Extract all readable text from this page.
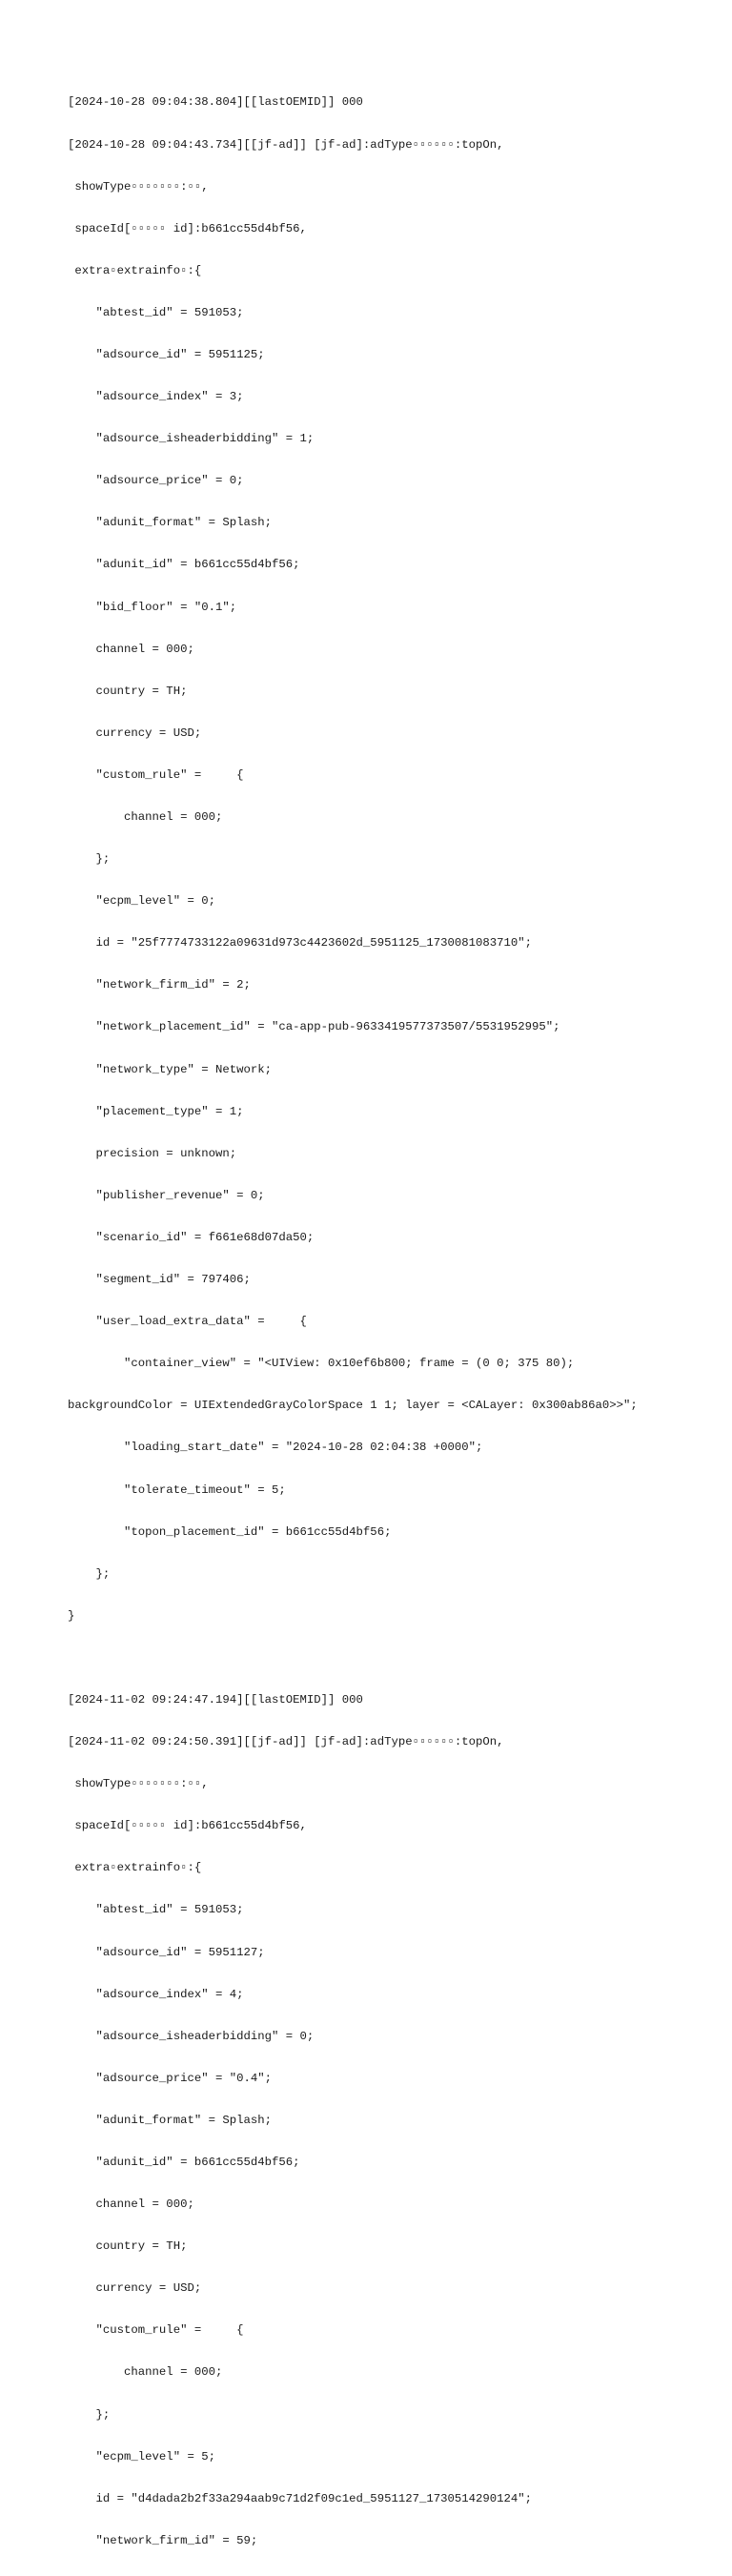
[2024-10-28 09:04:38.804][[lastOEMID]] 000

[2024-10-28 09:04:43.734][[jf-ad]] [jf-ad]:adType▫▫▫▫▫▫:topOn,

showType▫▫▫▫▫▫▫:▫▫,

spaceId[▫▫▫▫▫ id]:b661cc55d4bf56,

extra▫extrainfo▫:{

"abtest_id" = 591053;

"adsource_id" = 5951125;

"adsource_index" = 3;

"adsource_isheaderbidding" = 1;

"adsource_price" = 0;

"adunit_format" = Splash;

"adunit_id" = b661cc55d4bf56;

"bid_floor" = "0.1";

channel = 000;

country = TH;

currency = USD;

"custom_rule" =     {

channel = 000;

};

"ecpm_level" = 0;

id = "25f7774733122a09631d973c4423602d_5951125_1730081083710";

"network_firm_id" = 2;

"network_placement_id" = "ca-app-pub-9633419577373507/5531952995";

"network_type" = Network;

"placement_type" = 1;

precision = unknown;

"publisher_revenue" = 0;

"scenario_id" = f661e68d07da50;

"segment_id" = 797406;

"user_load_extra_data" =     {

"container_view" = "<UIView: 0x10ef6b800; frame = (0 0; 375 80);

backgroundColor = UIExtendedGrayColorSpace 1 1; layer = <CALayer: 0x300ab86a0>>";

"loading_start_date" = "2024-10-28 02:04:38 +0000";

"tolerate_timeout" = 5;

"topon_placement_id" = b661cc55d4bf56;

};

}

[2024-11-02 09:24:47.194][[lastOEMID]] 000

[2024-11-02 09:24:50.391][[jf-ad]] [jf-ad]:adType▫▫▫▫▫▫:topOn,

showType▫▫▫▫▫▫▫:▫▫,

spaceId[▫▫▫▫▫ id]:b661cc55d4bf56,

extra▫extrainfo▫:{

"abtest_id" = 591053;

"adsource_id" = 5951127;

"adsource_index" = 4;

"adsource_isheaderbidding" = 0;

"adsource_price" = "0.4";

"adunit_format" = Splash;

"adunit_id" = b661cc55d4bf56;

channel = 000;

country = TH;

currency = USD;

"custom_rule" =     {

channel = 000;

};

"ecpm_level" = 5;

id = "d4dada2b2f33a294aab9c71d2f09c1ed_5951127_1730514290124";

"network_firm_id" = 59;
